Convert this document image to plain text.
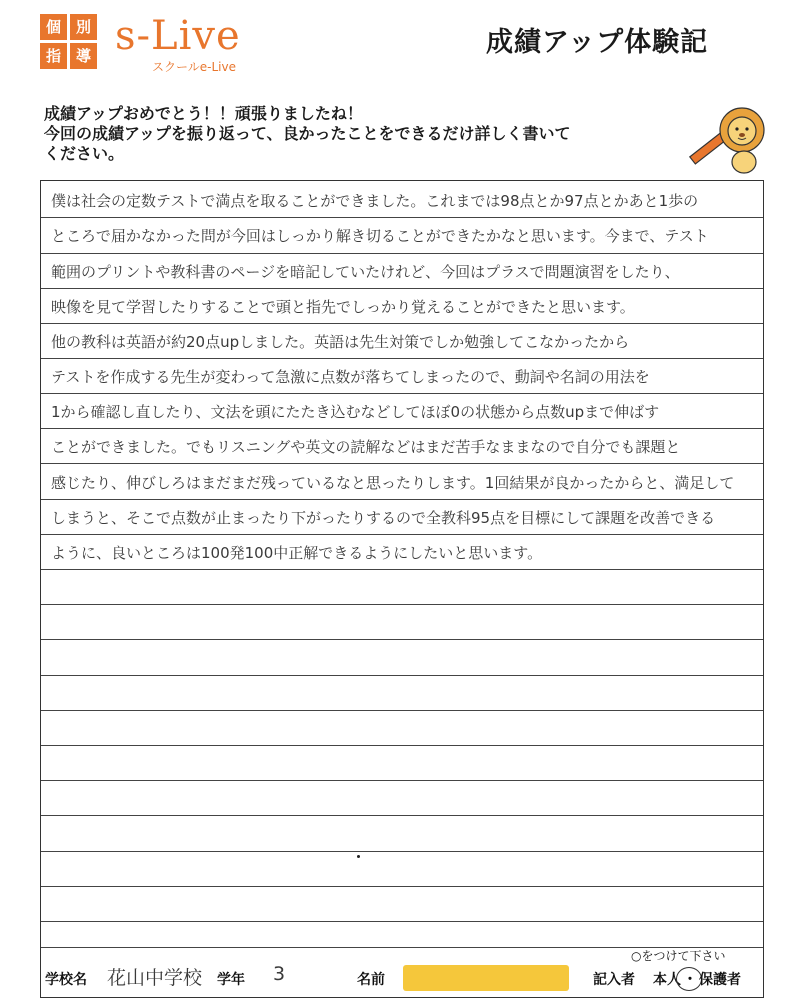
個 別
指 導 s-Live
スクールe-Live
成績アップ体験記
成績アップおめでとう！！頑張りましたね！
今回の成績アップを振り返って、良かったことをできるだけ詳しく書いて
ください。
僕は社会の定数テストで満点を取ることができました。これまでは98点とか97点とかあと1歩の
ところで届かなかった問が今回はしっかり解き切ることができたかなと思います。今まで、テスト
範囲のプリントや教科書のページを暗記していたけれど、今回はプラスで問題演習をしたり、
映像を見て学習したりすることで頭と指先でしっかり覚えることができたと思います。
他の教科は英語が約20点upしました。英語は先生対策でしか勉強してこなかったから
テストを作成する先生が変わって急激に点数が落ちてしまったので、動詞や名詞の用法を
1から確認し直したり、文法を頭にたたき込むなどしてほぼ0の状態から点数upまで伸ばす
ことができました。でもリスニングや英文の読解などはまだ苦手なままなので自分でも課題と
感じたり、伸びしろはまだまだ残っているなと思ったりします。1回結果が良かったからと、満足して
しまうと、そこで点数が止まったり下がったりするので全教科95点を目標にして課題を改善できる
ように、良いところは100発100中正解できるようにしたいと思います。
学校名 花山中学校 学年 3	名前
○をつけて下さい
記入者 本人 ・ 保護者
